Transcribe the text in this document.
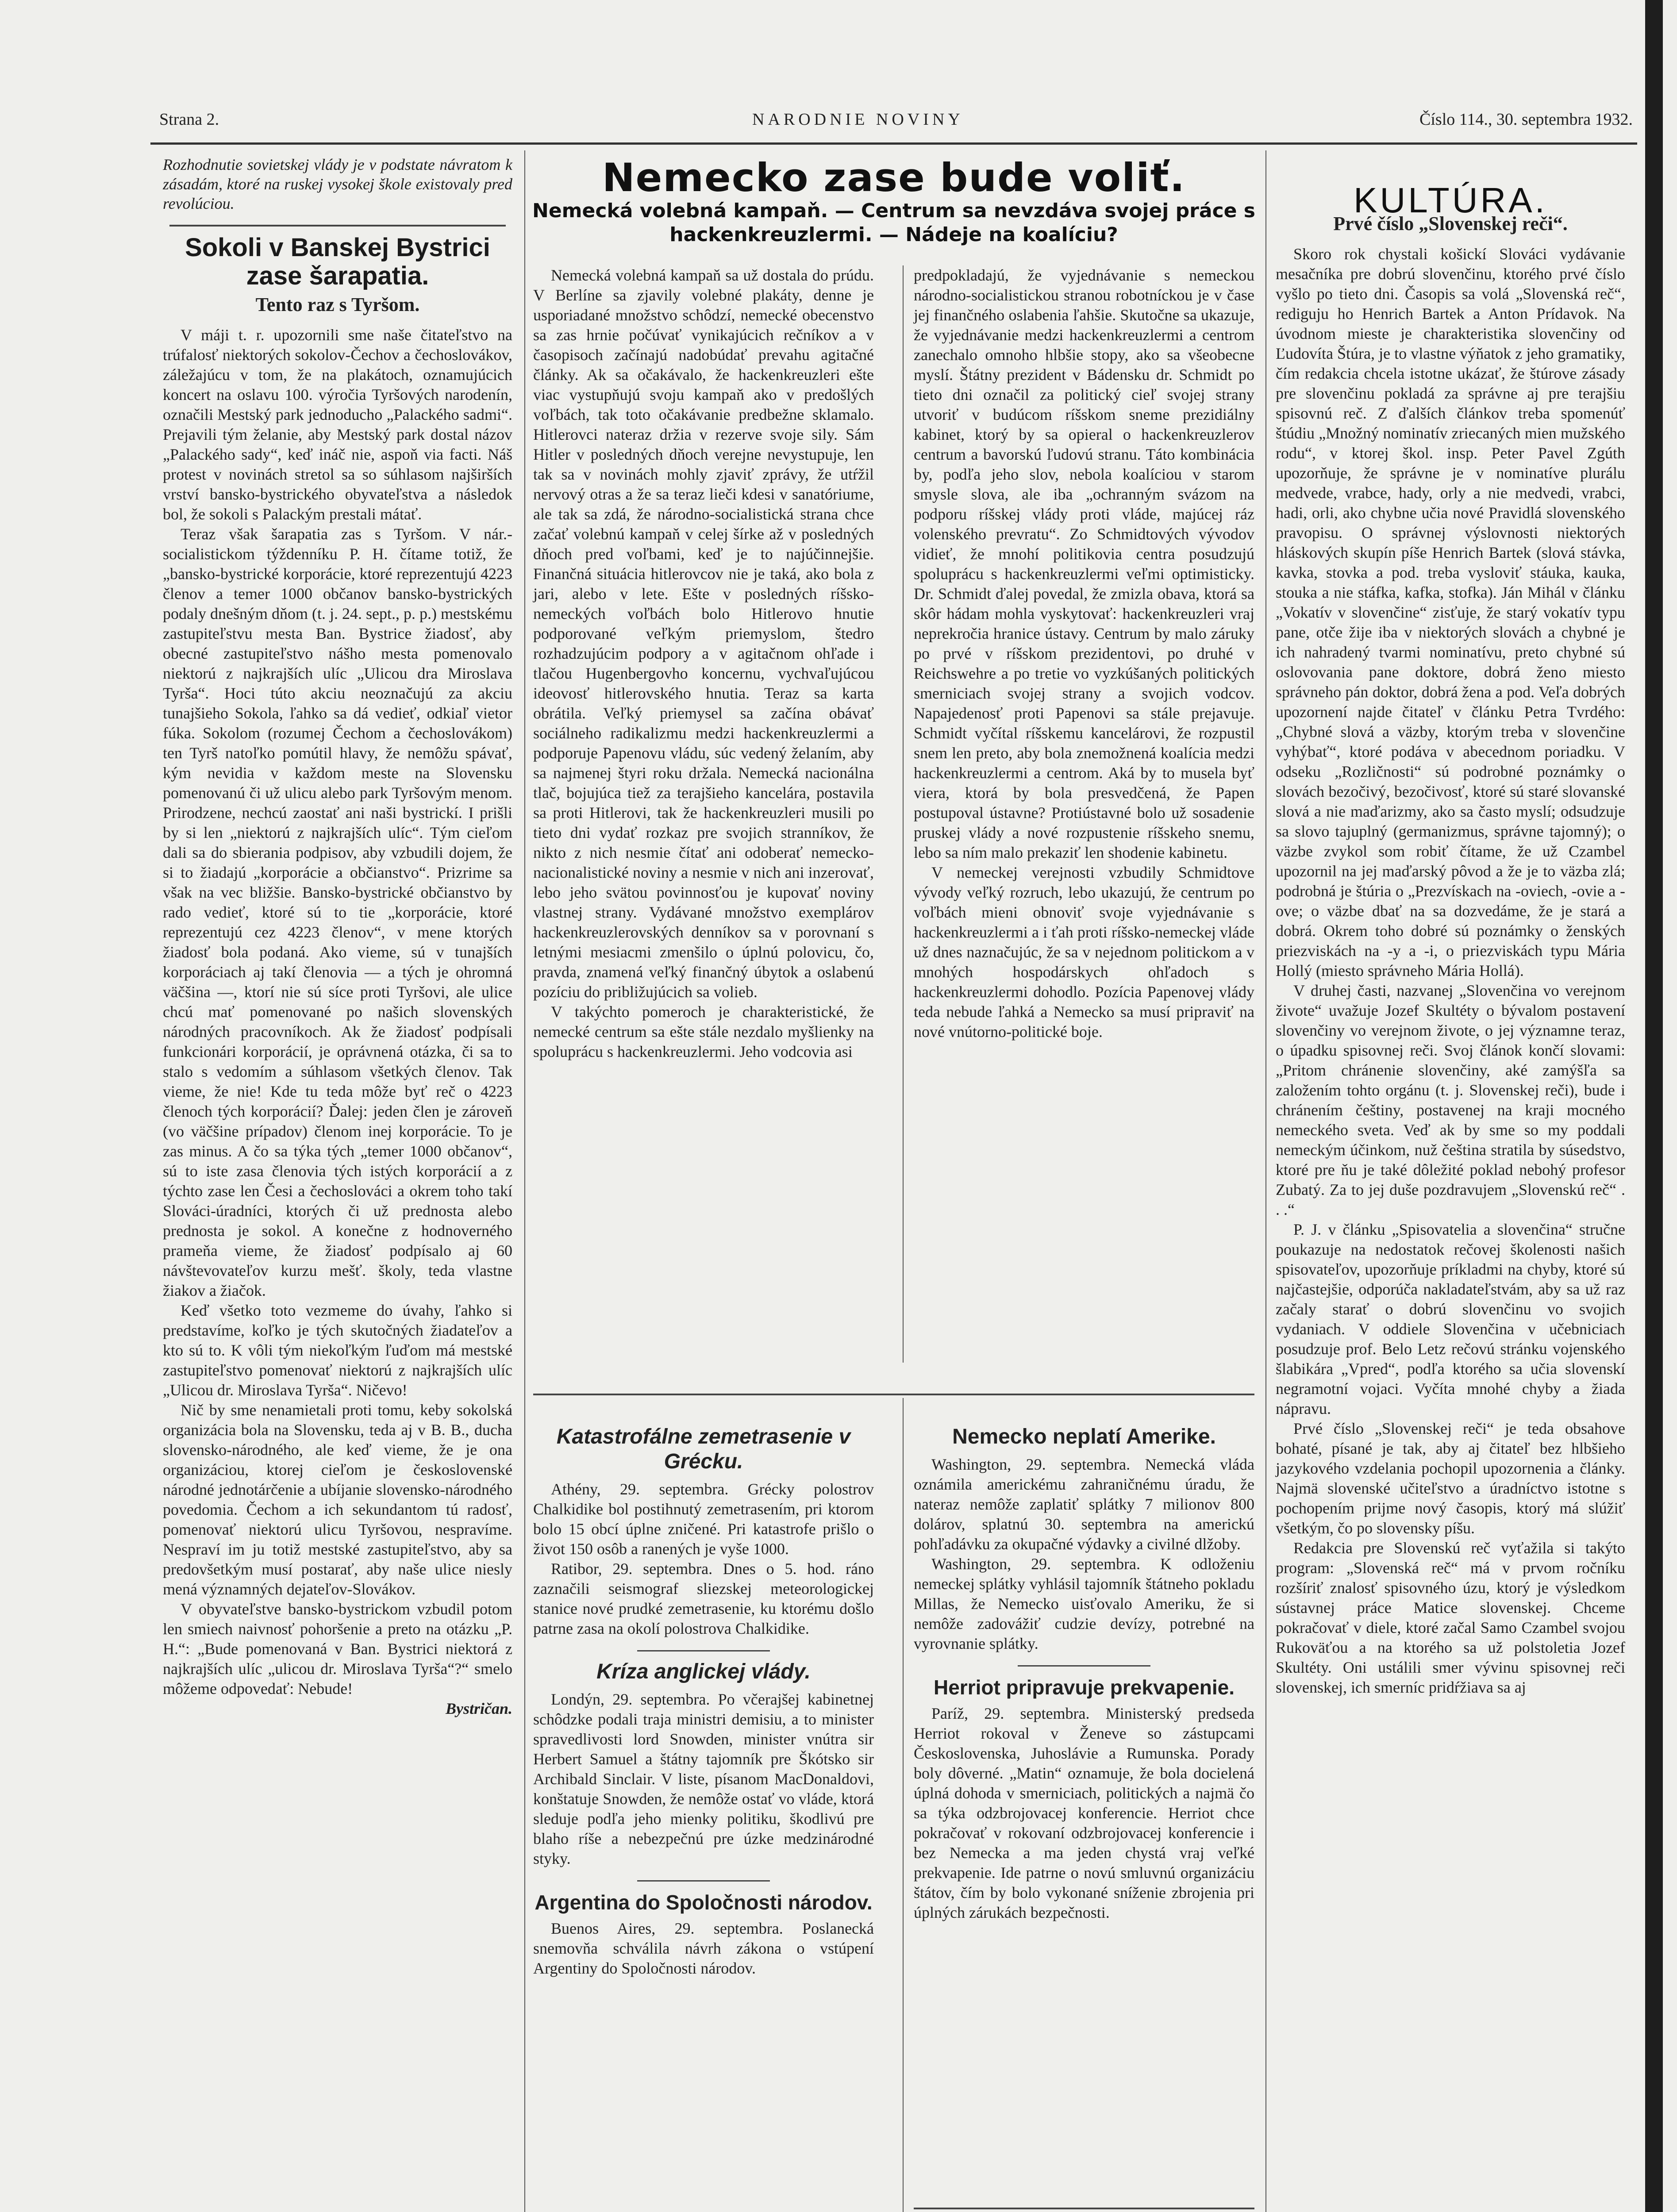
Strana 2.	NARODNIE NOVINY	Číslo 114., 30. septembra 1932.

Rozhodnutie sovietskej vlády je v podstate návratom k zásadám, ktoré na ruskej vysokej škole existovaly pred revolúciou.

Sokoli v Banskej Bystrici zase šarapatia.
Tento raz s Tyršom.

V máji t. r. upozornili sme naše čitateľstvo na trúfalosť niektorých sokolov-Čechov a čechoslovákov, záležajúcu v tom, že na plakátoch, oznamujúcich koncert na oslavu 100. výročia Tyršových narodenín, označili Mestský park jednoducho „Palackého sadmi“. Prejavili tým želanie, aby Mestský park dostal názov „Palackého sady“, keď ináč nie, aspoň via facti. Náš protest v novinách stretol sa so súhlasom najširších vrství bansko-bystrického obyvateľstva a následok bol, že sokoli s Palackým prestali mátať.

Teraz však šarapatia zas s Tyršom. V nár.-socialistickom týždenníku P. H. čítame totiž, že „bansko-bystrické korporácie, ktoré reprezentujú 4223 členov a temer 1000 občanov bansko-bystrických podaly dnešným dňom (t. j. 24. sept., p. p.) mestskému zastupiteľstvu mesta Ban. Bystrice žiadosť, aby obecné zastupiteľstvo nášho mesta pomenovalo niektorú z najkrajších ulíc „Ulicou dra Miroslava Tyrša“. Hoci túto akciu neoznačujú za akciu tunajšieho Sokola, ľahko sa dá vedieť, odkiaľ vietor fúka. Sokolom (rozumej Čechom a čechoslovákom) ten Tyrš natoľko pomútil hlavy, že nemôžu spávať, kým nevidia v každom meste na Slovensku pomenovanú či už ulicu alebo park Tyršovým menom. Prirodzene, nechcú zaostať ani naši bystrickí. I prišli by si len „niektorú z najkrajších ulíc“. Tým cieľom dali sa do sbierania podpisov, aby vzbudili dojem, že si to žiadajú „korporácie a občianstvo“. Prizrime sa však na vec bližšie. Bansko-bystrické občianstvo by rado vedieť, ktoré sú to tie „korporácie, ktoré reprezentujú cez 4223 členov“, v mene ktorých žiadosť bola podaná. Ako vieme, sú v tunajších korporáciach aj takí členovia — a tých je ohromná väčšina —, ktorí nie sú síce proti Tyršovi, ale ulice chcú mať pomenované po našich slovenských národných pracovníkoch. Ak že žiadosť podpísali funkcionári korporácií, je oprávnená otázka, či sa to stalo s vedomím a súhlasom všetkých členov. Tak vieme, že nie! Kde tu teda môže byť reč o 4223 členoch tých korporácií? Ďalej: jeden člen je zároveň (vo väčšine prípadov) členom inej korporácie. To je zas minus. A čo sa týka tých „temer 1000 občanov“, sú to iste zasa členovia tých istých korporácií a z týchto zase len Česi a čechoslováci a okrem toho takí Slováci-úradníci, ktorých či už prednosta alebo prednosta je sokol. A konečne z hodnoverného prameňa vieme, že žiadosť podpísalo aj 60 návštevovateľov kurzu mešť. školy, teda vlastne žiakov a žiačok.

Keď všetko toto vezmeme do úvahy, ľahko si predstavíme, koľko je tých skutočných žiadateľov a kto sú to. K vôli tým niekoľkým ľuďom má mestské zastupiteľstvo pomenovať niektorú z najkrajších ulíc „Ulicou dr. Miroslava Tyrša“. Ničevo!

Nič by sme nenamietali proti tomu, keby sokolská organizácia bola na Slovensku, teda aj v B. B., ducha slovensko-národného, ale keď vieme, že je ona organizáciou, ktorej cieľom je československé národné jednotárčenie a ubíjanie slovensko-národného povedomia. Čechom a ich sekundantom tú radosť, pomenovať niektorú ulicu Tyršovou, nespravíme. Nespraví im ju totiž mestské zastupiteľstvo, aby sa predovšetkým musí postarať, aby naše ulice niesly mená významných dejateľov-Slovákov.

V obyvateľstve bansko-bystrickom vzbudil potom len smiech naivnosť pohoršenie a preto na otázku „P. H.“: „Bude pomenovaná v Ban. Bystrici niektorá z najkrajších ulíc „ulicou dr. Miroslava Tyrša“?“ smelo môžeme odpovedať: Nebude!

Bystričan.
Nemecko zase bude voliť.
Nemecká volebná kampaň. — Centrum sa nevzdáva svojej práce s hackenkreuzlermi. — Nádeje na koalíciu?

Nemecká volebná kampaň sa už dostala do prúdu. V Berlíne sa zjavily volebné plakáty, denne je usporiadané množstvo schôdzí, nemecké obecenstvo sa zas hrnie počúvať vynikajúcich rečníkov a v časopisoch začínajú nadobúdať prevahu agitačné články. Ak sa očakávalo, že hackenkreuzleri ešte viac vystupňujú svoju kampaň ako v predošlých voľbách, tak toto očakávanie predbežne sklamalo. Hitlerovci nateraz držia v rezerve svoje sily. Sám Hitler v posledných dňoch verejne nevystupuje, len tak sa v novinách mohly zjaviť zprávy, že utŕžil nervový otras a že sa teraz lieči kdesi v sanatóriume, ale tak sa zdá, že národno-socialistická strana chce začať volebnú kampaň v celej šírke až v posledných dňoch pred voľbami, keď je to najúčinnejšie. Finančná situácia hitlerovcov nie je taká, ako bola z jari, alebo v lete. Ešte v posledných ríšsko-nemeckých voľbách bolo Hitlerovo hnutie podporované veľkým priemyslom, štedro rozhadzujúcim podpory a v agitačnom ohľade i tlačou Hugenbergovho koncernu, vychvaľujúcou ideovosť hitlerovského hnutia. Teraz sa karta obrátila. Veľký priemysel sa začína obávať sociálneho radikalizmu medzi hackenkreuzlermi a podporuje Papenovu vládu, súc vedený želaním, aby sa najmenej štyri roku držala. Nemecká nacionálna tlač, bojujúca tiež za terajšieho kancelára, postavila sa proti Hitlerovi, tak že hackenkreuzleri musili po tieto dni vydať rozkaz pre svojich stranníkov, že nikto z nich nesmie čítať ani odoberať nemecko-nacionalistické noviny a nesmie v nich ani inzerovať, lebo jeho svätou povinnosťou je kupovať noviny vlastnej strany. Vydávané množstvo exemplárov hackenkreuzlerovských denníkov sa v porovnaní s letnými mesiacmi zmenšilo o úplnú polovicu, čo, pravda, znamená veľký finančný úbytok a oslabenú pozíciu do približujúcich sa volieb.

V takýchto pomeroch je charakteristické, že nemecké centrum sa ešte stále nezdalo myšlienky na spoluprácu s hackenkreuzlermi. Jeho vodcovia asi

predpokladajú, že vyjednávanie s nemeckou národno-socialistickou stranou robotníckou je v čase jej finančného oslabenia ľahšie. Skutočne sa ukazuje, že vyjednávanie medzi hackenkreuzlermi a centrom zanechalo omnoho hlbšie stopy, ako sa všeobecne myslí. Štátny prezident v Bádensku dr. Schmidt po tieto dni označil za politický cieľ svojej strany utvoriť v budúcom ríšskom sneme prezidiálny kabinet, ktorý by sa opieral o hackenkreuzlerov centrum a bavorskú ľudovú stranu. Táto kombinácia by, podľa jeho slov, nebola koalíciou v starom smysle slova, ale iba „ochranným svázom na podporu ríšskej vlády proti vláde, majúcej ráz volenského prevratu“. Zo Schmidtových vývodov vidieť, že mnohí politikovia centra posudzujú spoluprácu s hackenkreuzlermi veľmi optimisticky. Dr. Schmidt ďalej povedal, že zmizla obava, ktorá sa skôr hádam mohla vyskytovať: hackenkreuzleri vraj neprekročia hranice ústavy. Centrum by malo záruky po prvé v ríšskom prezidentovi, po druhé v Reichswehre a po tretie vo vyzkúšaných politických smerniciach svojej strany a svojich vodcov. Napajedenosť proti Papenovi sa stále prejavuje. Schmidt vyčítal ríšskemu kancelárovi, že rozpustil snem len preto, aby bola znemožnená koalícia medzi hackenkreuzlermi a centrom. Aká by to musela byť viera, ktorá by bola presvedčená, že Papen postupoval ústavne? Protiústavné bolo už sosadenie pruskej vlády a nové rozpustenie ríšskeho snemu, lebo sa ním malo prekaziť len shodenie kabinetu.

V nemeckej verejnosti vzbudily Schmidtove vývody veľký rozruch, lebo ukazujú, že centrum po voľbách mieni obnoviť svoje vyjednávanie s hackenkreuzlermi a i ťah proti ríšsko-nemeckej vláde už dnes naznačujúc, že sa v nejednom politickom a v mnohých hospodárskych ohľadoch s hackenkreuzlermi dohodlo. Pozícia Papenovej vlády teda nebude ľahká a Nemecko sa musí pripraviť na nové vnútorno-politické boje.

Katastrofálne zemetrasenie v Grécku.

Athény, 29. septembra. Grécky polostrov Chalkidike bol postihnutý zemetrasením, pri ktorom bolo 15 obcí úplne zničené. Pri katastrofe prišlo o život 150 osôb a ranených je vyše 1000.

Ratibor, 29. septembra. Dnes o 5. hod. ráno zaznačili seismograf sliezskej meteorologickej stanice nové prudké zemetrasenie, ku ktorému došlo patrne zasa na okolí polostrova Chalkidike.

Kríza anglickej vlády.

Londýn, 29. septembra. Po včerajšej kabinetnej schôdzke podali traja ministri demisiu, a to minister spravedlivosti lord Snowden, minister vnútra sir Herbert Samuel a štátny tajomník pre Škótsko sir Archibald Sinclair. V liste, písanom MacDonaldovi, konštatuje Snowden, že nemôže ostať vo vláde, ktorá sleduje podľa jeho mienky politiku, škodlivú pre blaho ríše a nebezpečnú pre úzke medzinárodné styky.

Argentina do Spoločnosti národov.

Buenos Aires, 29. septembra. Poslanecká snemovňa schválila návrh zákona o vstúpení Argentiny do Spoločnosti národov.

Nemecko neplatí Amerike.

Washington, 29. septembra. Nemecká vláda oznámila americkému zahraničnému úradu, že nateraz nemôže zaplatiť splátky 7 milionov 800 dolárov, splatnú 30. septembra na americkú pohľadávku za okupačné výdavky a civilné dlžoby.

Washington, 29. septembra. K odloženiu nemeckej splátky vyhlásil tajomník štátneho pokladu Millas, že Nemecko uisťovalo Ameriku, že si nemôže zadovážiť cudzie devízy, potrebné na vyrovnanie splátky.

Herriot pripravuje prekvapenie.

Paríž, 29. septembra. Ministerský predseda Herriot rokoval v Ženeve so zástupcami Československa, Juhoslávie a Rumunska. Porady boly dôverné. „Matin“ oznamuje, že bola docielená úplná dohoda v smerniciach, politických a najmä čo sa týka odzbrojovacej konferencie. Herriot chce pokračovať v rokovaní odzbrojovacej konferencie i bez Nemecka a ma jeden chystá vraj veľké prekvapenie. Ide patrne o novú smluvnú organizáciu štátov, čím by bolo vykonané sníženie zbrojenia pri úplných zárukách bezpečnosti.

KULTÚRA.
Prvé číslo „Slovenskej reči“.

Skoro rok chystali košickí Slováci vydávanie mesačníka pre dobrú slovenčinu, ktorého prvé číslo vyšlo po tieto dni. Časopis sa volá „Slovenská reč“, rediguju ho Henrich Bartek a Anton Prídavok. Na úvodnom mieste je charakteristika slovenčiny od Ľudovíta Štúra, je to vlastne výňatok z jeho gramatiky, čím redakcia chcela istotne ukázať, že štúrove zásady pre slovenčinu pokladá za správne aj pre terajšiu spisovnú reč. Z ďalších článkov treba spomenúť štúdiu „Množný nominatív zriecaných mien mužského rodu“, v ktorej škol. insp. Peter Pavel Zgúth upozorňuje, že správne je v nominatíve plurálu medvede, vrabce, hady, orly a nie medvedi, vrabci, hadi, orli, ako chybne učia nové Pravidlá slovenského pravopisu. O správnej výslovnosti niektorých hláskových skupín píše Henrich Bartek (slová stávka, kavka, stovka a pod. treba vysloviť stáuka, kauka, stouka a nie stáfka, kafka, stofka). Ján Mihál v článku „Vokatív v slovenčine“ zisťuje, že starý vokatív typu pane, otče žije iba v niektorých slovách a chybné je ich nahradený tvarmi nominatívu, preto chybné sú oslovovania pane doktore, dobrá ženo miesto správneho pán doktor, dobrá žena a pod. Veľa dobrých upozornení najde čitateľ v článku Petra Tvrdého: „Chybné slová a väzby, ktorým treba v slovenčine vyhýbať“, ktoré podáva v abecednom poriadku. V odseku „Rozličnosti“ sú podrobné poznámky o slovách bezočivý, bezočivosť, ktoré sú staré slovanské slová a nie maďarizmy, ako sa často myslí; odsudzuje sa slovo tajuplný (germanizmus, správne tajomný); o väzbe zvykol som robiť čítame, že už Czambel upozornil na jej maďarský pôvod a že je to väzba zlá; podrobná je štúria o „Prezvískach na -oviech, -ovie a -ove; o väzbe dbať na sa dozvedáme, že je stará a dobrá. Okrem toho dobré sú poznámky o ženských priezviskách na -y a -i, o priezviskách typu Mária Hollý (miesto správneho Mária Hollá).

V druhej časti, nazvanej „Slovenčina vo verejnom živote“ uvažuje Jozef Skultéty o bývalom postavení slovenčiny vo verejnom živote, o jej významne teraz, o úpadku spisovnej reči. Svoj článok končí slovami: „Pritom chránenie slovenčiny, aké zamýšľa sa založením tohto orgánu (t. j. Slovenskej reči), bude i chránením češtiny, postavenej na kraji mocného nemeckého sveta. Veď ak by sme so my poddali nemeckým účinkom, nuž čeština stratila by súsedstvo, ktoré pre ňu je také dôležité poklad nebohý profesor Zubatý. Za to jej duše pozdravujem „Slovenskú reč“ . . .“

P. J. v článku „Spisovatelia a slovenčina“ stručne poukazuje na nedostatok rečovej školenosti našich spisovateľov, upozorňuje príkladmi na chyby, ktoré sú najčastejšie, odporúča nakladateľstvám, aby sa už raz začaly starať o dobrú slovenčinu vo svojich vydaniach. V oddiele Slovenčina v učebniciach posudzuje prof. Belo Letz rečovú stránku vojenského šlabikára „Vpred“, podľa ktorého sa učia slovenskí negramotní vojaci. Vyčíta mnohé chyby a žiada nápravu.

Prvé číslo „Slovenskej reči“ je teda obsahove bohaté, písané je tak, aby aj čitateľ bez hlbšieho jazykového vzdelania pochopil upozornenia a články. Najmä slovenské učiteľstvo a úradníctvo istotne s pochopením prijme nový časopis, ktorý má slúžiť všetkým, čo po slovensky píšu.

Redakcia pre Slovenskú reč vyťažila si takýto program: „Slovenská reč“ má v prvom ročníku rozšíriť znalosť spisovného úzu, ktorý je výsledkom sústavnej práce Matice slovenskej. Chceme pokračovať v diele, ktoré začal Samo Czambel svojou Rukoväťou a na ktorého sa už polstoletia Jozef Skultéty. Oni ustálili smer vývinu spisovnej reči slovenskej, ich smerníc pridŕžiava sa aj
